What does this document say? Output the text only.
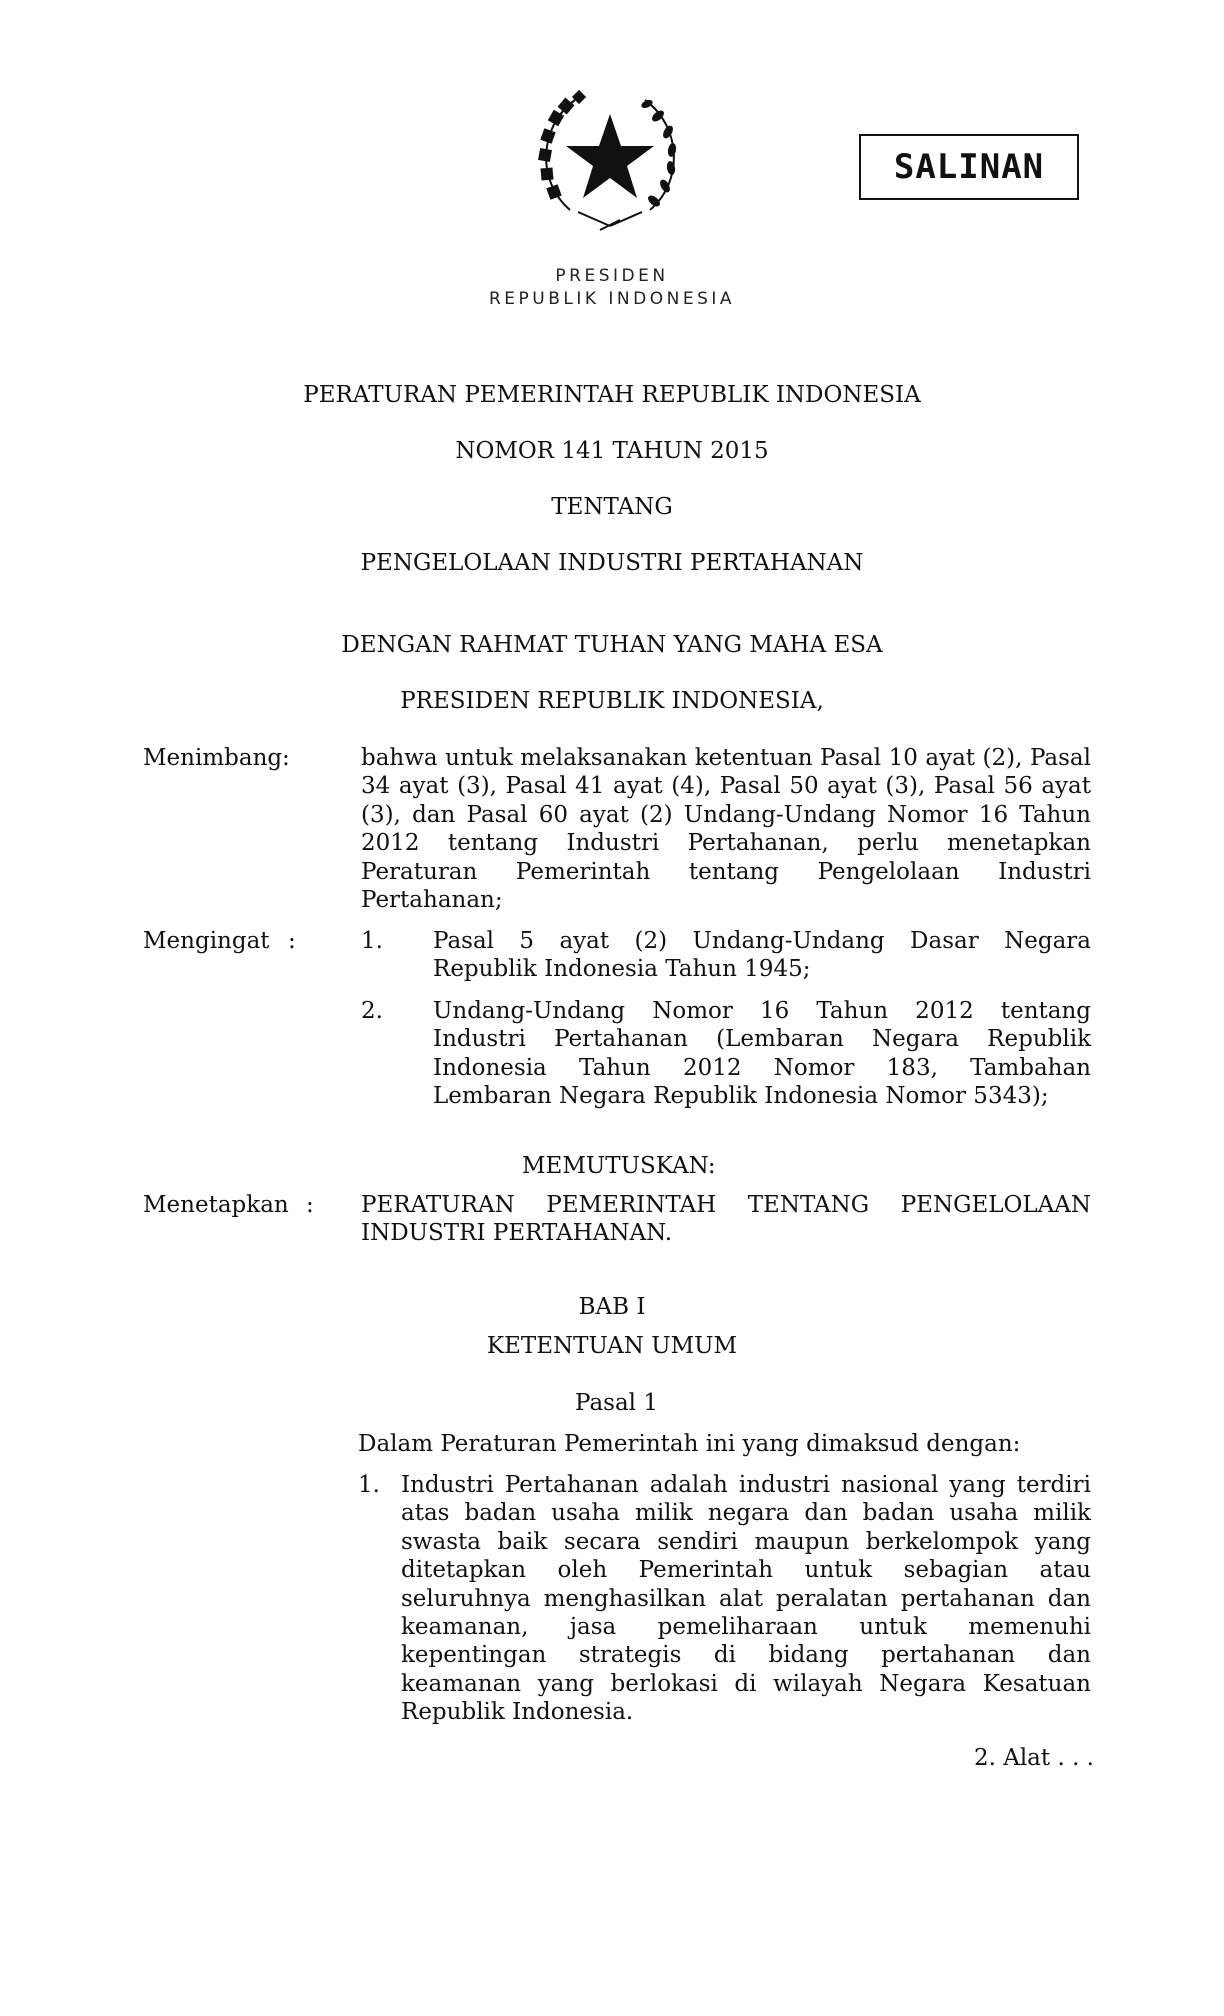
SALINAN
PRESIDEN
REPUBLIK INDONESIA
PERATURAN PEMERINTAH REPUBLIK INDONESIA
NOMOR 141 TAHUN 2015
TENTANG
PENGELOLAAN INDUSTRI PERTAHANAN
DENGAN RAHMAT TUHAN YANG MAHA ESA
PRESIDEN REPUBLIK INDONESIA,
Menimbang :	bahwa untuk melaksanakan ketentuan Pasal 10 ayat (2), Pasal 34 ayat (3), Pasal 41 ayat (4), Pasal 50 ayat (3), Pasal 56 ayat (3), dan Pasal 60 ayat (2) Undang-Undang Nomor 16 Tahun 2012 tentang Industri Pertahanan, perlu menetapkan Peraturan Pemerintah tentang Pengelolaan Industri Pertahanan;

Mengingat :	1. Pasal 5 ayat (2) Undang-Undang Dasar Negara Republik Indonesia Tahun 1945;

2. Undang-Undang Nomor 16 Tahun 2012 tentang Industri Pertahanan (Lembaran Negara Republik Indonesia Tahun 2012 Nomor 183, Tambahan Lembaran Negara Republik Indonesia Nomor 5343);

MEMUTUSKAN:
Menetapkan : PERATURAN PEMERINTAH TENTANG PENGELOLAAN INDUSTRI PERTAHANAN.

BAB I
KETENTUAN UMUM
Pasal 1
Dalam Peraturan Pemerintah ini yang dimaksud dengan:
1. Industri Pertahanan adalah industri nasional yang terdiri atas badan usaha milik negara dan badan usaha milik swasta baik secara sendiri maupun berkelompok yang ditetapkan oleh Pemerintah untuk sebagian atau seluruhnya menghasilkan alat peralatan pertahanan dan keamanan, jasa pemeliharaan untuk memenuhi kepentingan strategis di bidang pertahanan dan keamanan yang berlokasi di wilayah Negara Kesatuan Republik Indonesia.

2. Alat . . .
